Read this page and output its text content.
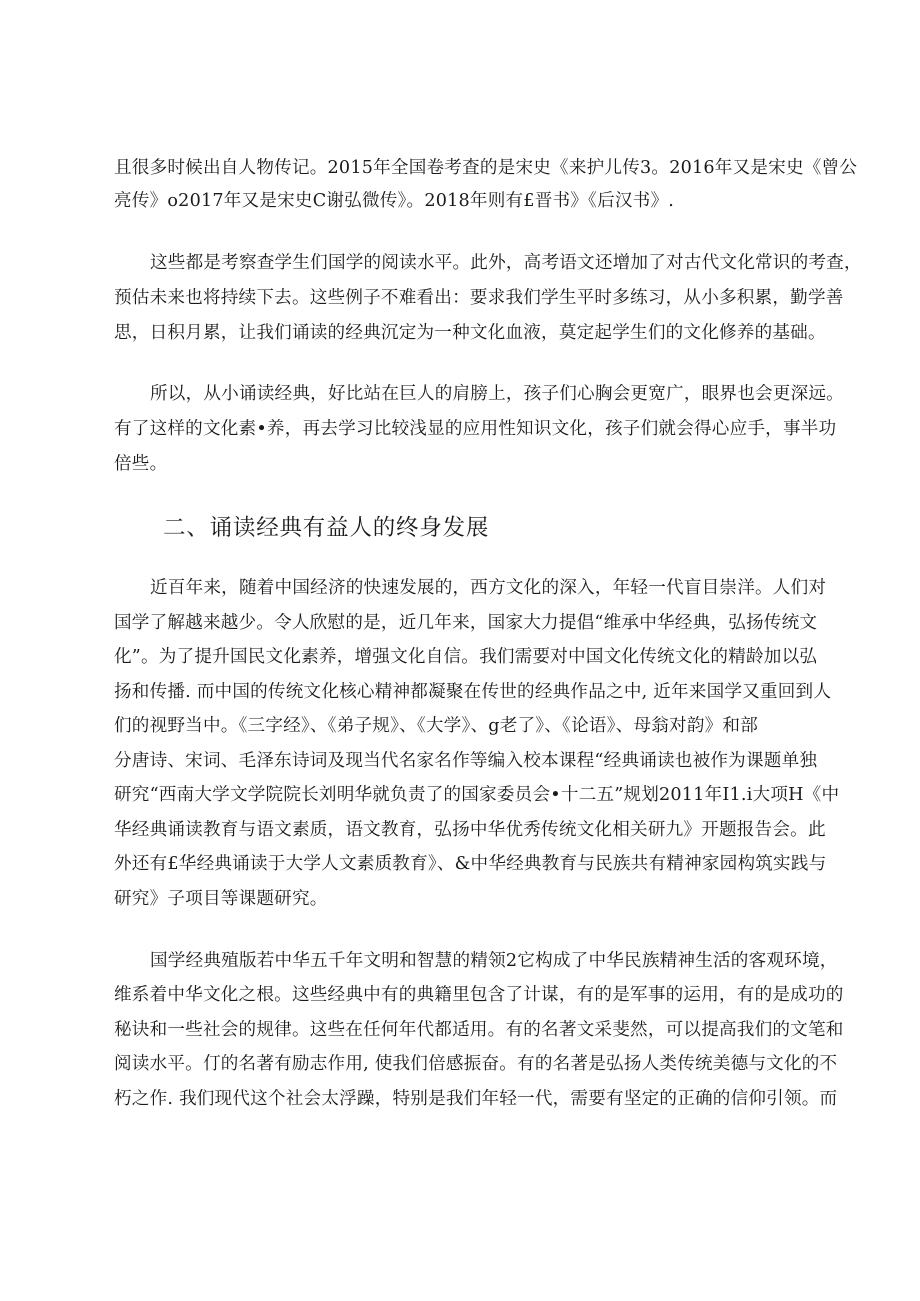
且很多时候出自人物传记。2015年全国卷考査的是宋史《来护儿传3。2016年又是宋史《曾公
亮传》o2017年又是宋史C谢弘微传》。2018年则有£晋书》《后汉书》.
这些都是考察查学生们国学的阅读水平。此外，高考语文还增加了对古代文化常识的考查，
预估未来也将持续下去。这些例子不难看出：要求我们学生平时多练习，从小多积累，勤学善
思，日积月累，让我们诵读的经典沉定为一种文化血液，莫定起学生们的文化修养的基础。
所以，从小诵读经典，好比站在巨人的肩膀上，孩子们心胸会更宽广，眼界也会更深远。
有了这样的文化素•养，再去学习比较浅显的应用性知识文化，孩子们就会得心应手，事半功
倍些。
二、诵读经典有益人的终身发展
近百年来，随着中国经济的快速发展的，西方文化的深入，年轻一代盲目崇洋。人们对
国学了解越来越少。令人欣慰的是，近几年来，国家大力提倡“维承中华经典，弘扬传统文
化”。为了提升国民文化素养，增强文化自信。我们需要对中国文化传统文化的精龄加以弘
扬和传播. 而中国的传统文化核心精神都凝聚在传世的经典作品之中, 近年来国学又重回到人
们的视野当中。《三字经》、《弟子规》、《大学》、g老了》、《论语》、母翁对韵》和部
分唐诗、宋词、毛泽东诗词及现当代名家名作等编入校本课程“经典诵读也被作为课题单独
研究“西南大学文学院院长刘明华就负责了的国家委员会•十二五”规划2011年I1.i大项H《中
华经典诵读教育与语文素质，语文教育，弘扬中华优秀传统文化相关研九》开题报告会。此
外还有£华经典诵读于大学人文素质教育》、&中华经典教育与民族共有精神家园构筑实践与
研究》子项目等课题研究。
国学经典殖版若中华五千年文明和智慧的精领2它构成了中华民族精神生活的客观环境，
维系着中华文化之根。这些经典中有的典籍里包含了计谋，有的是军事的运用，有的是成功的
秘诀和一些社会的规律。这些在任何年代都适用。有的名著文采斐然，可以提高我们的文笔和
阅读水平。仃的名著有励志作用, 使我们倍感振奋。有的名著是弘扬人类传统美德与文化的不
朽之作. 我们现代这个社会太浮躁，特别是我们年轻一代，需要有坚定的正确的信仰引领。而
